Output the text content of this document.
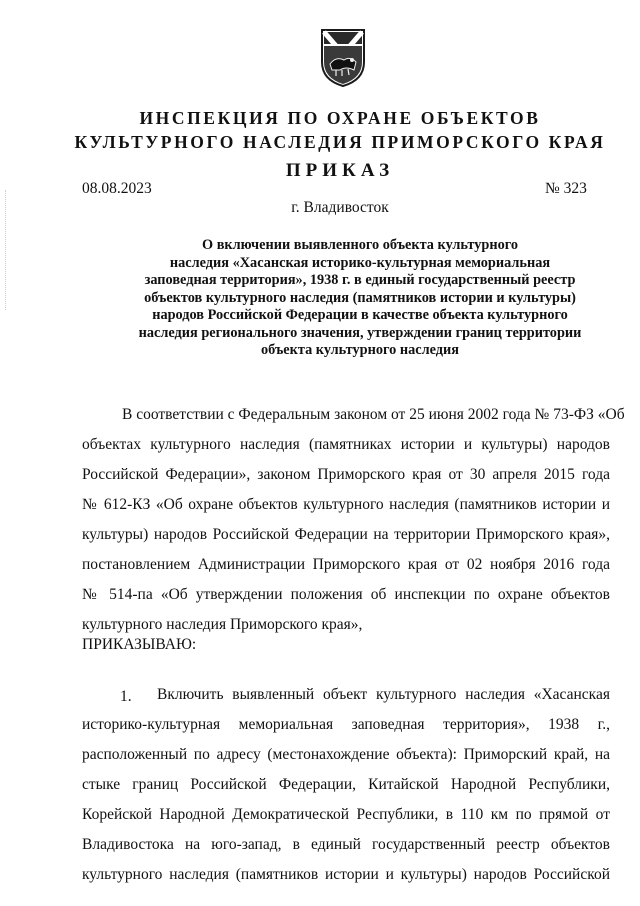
ИНСПЕКЦИЯ ПО ОХРАНЕ ОБЪЕКТОВ
КУЛЬТУРНОГО НАСЛЕДИЯ ПРИМОРСКОГО КРАЯ
ПРИКАЗ
08.08.2023	№ 323
г. Владивосток
О включении выявленного объекта культурного
наследия «Хасанская историко-культурная мемориальная
заповедная территория», 1938 г. в единый государственный реестр
объектов культурного наследия (памятников истории и культуры)
народов Российской Федерации в качестве объекта культурного
наследия регионального значения, утверждении границ территории
объекта культурного наследия
В соответствии с Федеральным законом от 25 июня 2002 года № 73-ФЗ «Об
объектах культурного наследия (памятниках истории и культуры) народов
Российской Федерации», законом Приморского края от 30 апреля 2015 года
№ 612-КЗ «Об охране объектов культурного наследия (памятников истории и
культуры) народов Российской Федерации на территории Приморского края»,
постановлением Администрации Приморского края от 02 ноября 2016 года
№ 514-па «Об утверждении положения об инспекции по охране объектов
культурного наследия Приморского края»,
ПРИКАЗЫВАЮ:
1.	Включить выявленный объект культурного наследия «Хасанская
историко-культурная мемориальная заповедная территория», 1938 г.,
расположенный по адресу (местонахождение объекта): Приморский край, на
стыке границ Российской Федерации, Китайской Народной Республики,
Корейской Народной Демократической Республики, в 110 км по прямой от
Владивостока на юго-запад, в единый государственный реестр объектов
культурного наследия (памятников истории и культуры) народов Российской
